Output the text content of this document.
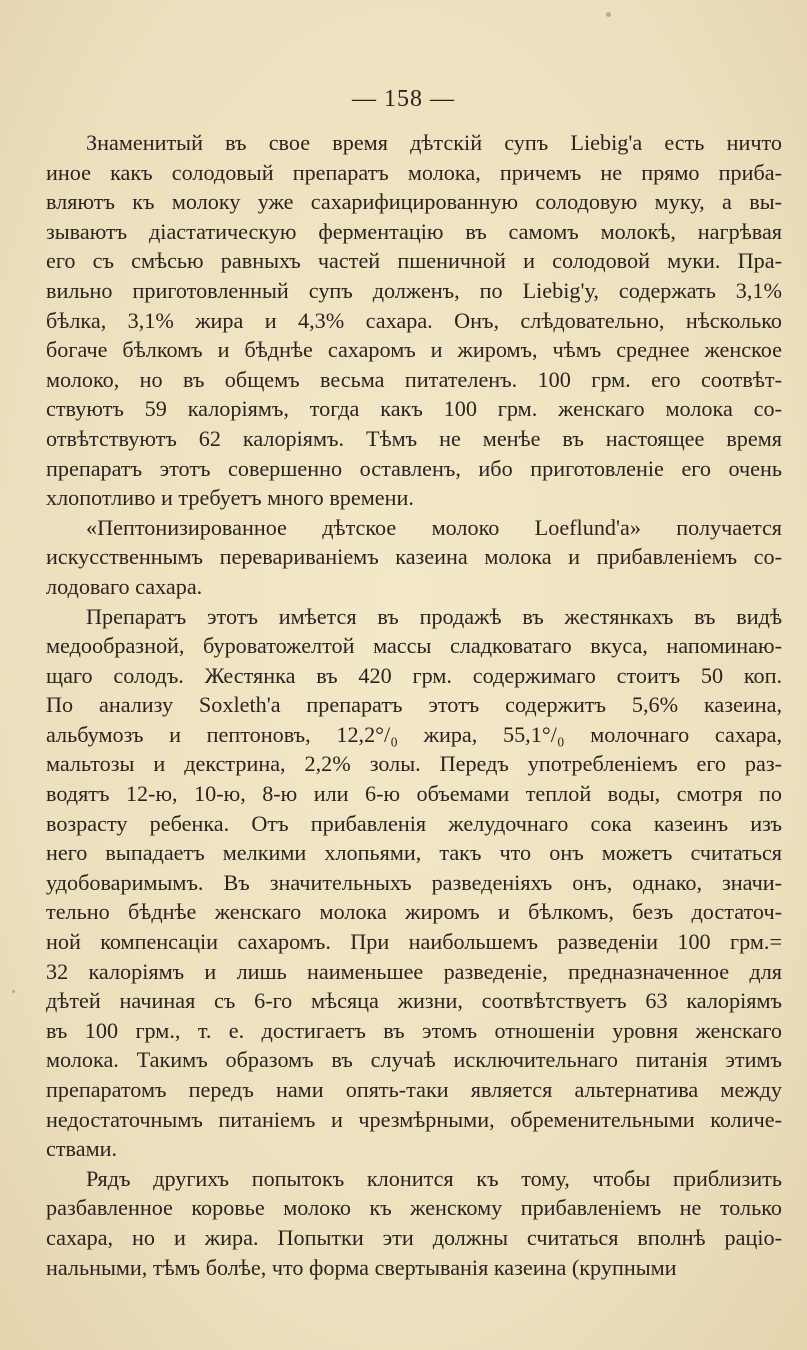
— 158 —
Знаменитый въ свое время дѣтскій супъ Liebig'а есть ничто
иное какъ солодовый препаратъ молока, причемъ не прямо приба-
вляютъ къ молоку уже сахарифицированную солодовую муку, а вы-
зываютъ діастатическую ферментацію въ самомъ молокѣ, нагрѣвая
его съ смѣсью равныхъ частей пшеничной и солодовой муки. Пра-
вильно приготовленный супъ долженъ, по Liebig'у, содержать 3,1%
бѣлка, 3,1% жира и 4,3% сахара. Онъ, слѣдовательно, нѣсколько
богаче бѣлкомъ и бѣднѣе сахаромъ и жиромъ, чѣмъ среднее женское
молоко, но въ общемъ весьма питателенъ. 100 грм. его соотвѣт-
ствуютъ 59 калоріямъ, тогда какъ 100 грм. женскаго молока со-
отвѣтствуютъ 62 калоріямъ. Тѣмъ не менѣе въ настоящее время
препаратъ этотъ совершенно оставленъ, ибо приготовленіе его очень
хлопотливо и требуетъ много времени.
«Пептонизированное дѣтское молоко Loeflund'а» получается
искусственнымъ перевариваніемъ казеина молока и прибавленіемъ со-
лодоваго сахара.
Препаратъ этотъ имѣется въ продажѣ въ жестянкахъ въ видѣ
медообразной, буроватожелтой массы сладковатаго вкуса, напоминаю-
щаго солодъ. Жестянка въ 420 грм. содержимаго стоитъ 50 коп.
По анализу Soxleth'а препаратъ этотъ содержитъ 5,6% казеина,
альбумозъ и пептоновъ, 12,2°/₀ жира, 55,1°/₀ молочнаго сахара,
мальтозы и декстрина, 2,2% золы. Передъ употребленіемъ его раз-
водятъ 12-ю, 10-ю, 8-ю или 6-ю объемами теплой воды, смотря по
возрасту ребенка. Отъ прибавленія желудочнаго сока казеинъ изъ
него выпадаетъ мелкими хлопьями, такъ что онъ можетъ считаться
удобоваримымъ. Въ значительныхъ разведеніяхъ онъ, однако, значи-
тельно бѣднѣе женскаго молока жиромъ и бѣлкомъ, безъ достаточ-
ной компенсаціи сахаромъ. При наибольшемъ разведеніи 100 грм.=
32 калоріямъ и лишь наименьшее разведеніе, предназначенное для
дѣтей начиная съ 6-го мѣсяца жизни, соотвѣтствуетъ 63 калоріямъ
въ 100 грм., т. е. достигаетъ въ этомъ отношеніи уровня женскаго
молока. Такимъ образомъ въ случаѣ исключительнаго питанія этимъ
препаратомъ передъ нами опять-таки является альтернатива между
недостаточнымъ питаніемъ и чрезмѣрными, обременительными количе-
ствами.
Рядъ другихъ попытокъ клонится къ тому, чтобы приблизить
разбавленное коровье молоко къ женскому прибавленіемъ не только
сахара, но и жира. Попытки эти должны считаться вполнѣ раціо-
нальными, тѣмъ болѣе, что форма свертыванія казеина (крупными
